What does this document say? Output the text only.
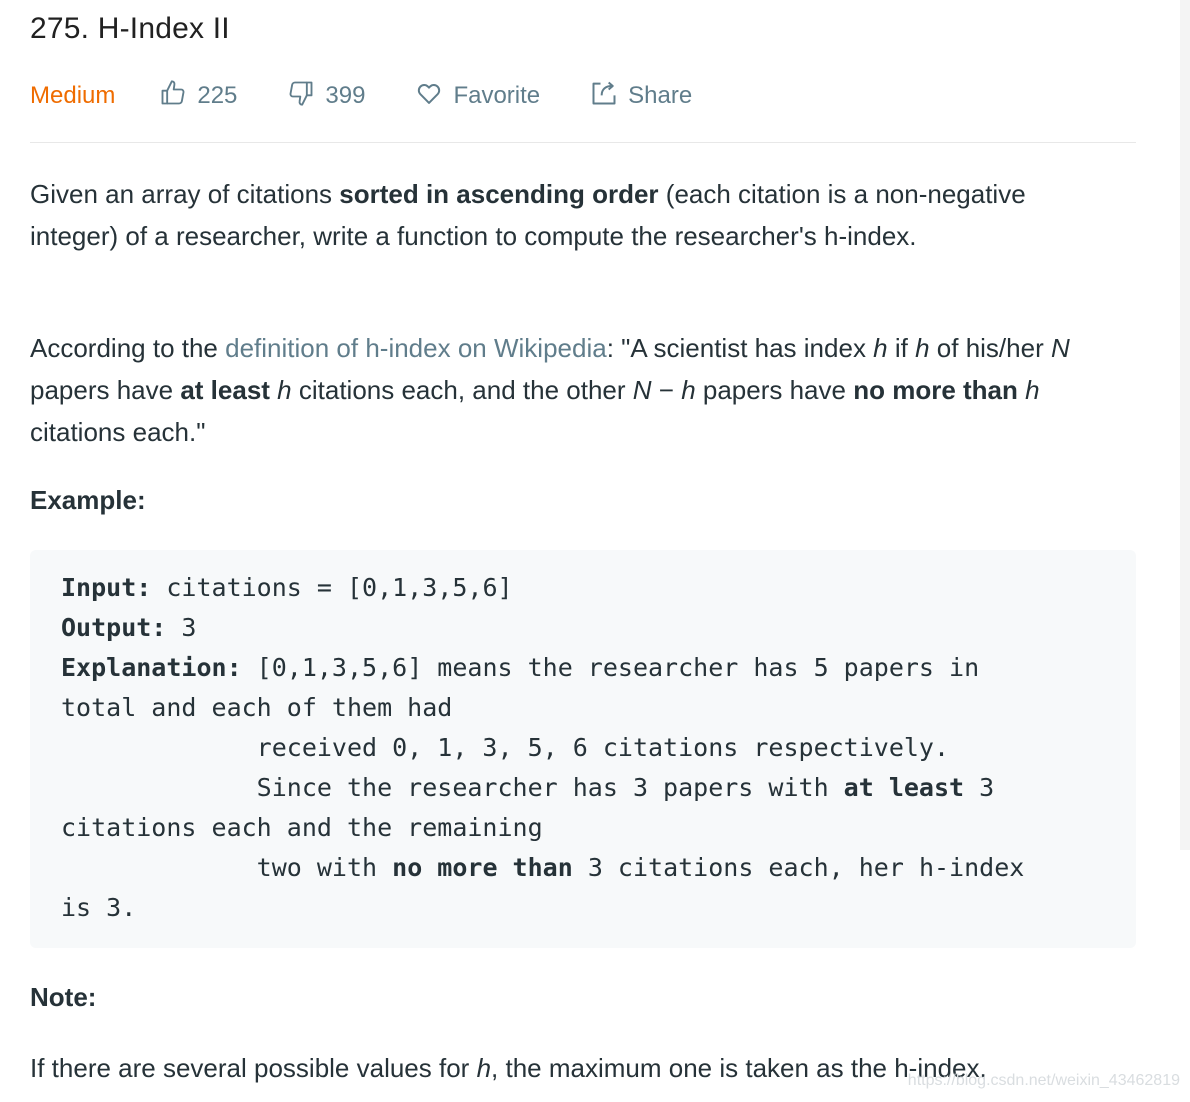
275. H-Index II
Medium	225	399	Favorite	Share
Given an array of citations sorted in ascending order (each citation is a non-negative integer) of a researcher, write a function to compute the researcher's h-index.
According to the definition of h-index on Wikipedia: "A scientist has index h if h of his/her N papers have at least h citations each, and the other N − h papers have no more than h citations each."
Example:
Input: citations = [0,1,3,5,6]
Output: 3
Explanation: [0,1,3,5,6] means the researcher has 5 papers in
total and each of them had
received 0, 1, 3, 5, 6 citations respectively.
Since the researcher has 3 papers with at least 3
citations each and the remaining
two with no more than 3 citations each, her h-index
is 3.
Note:
If there are several possible values for h, the maximum one is taken as the h-index.
https://blog.csdn.net/weixin_43462819
